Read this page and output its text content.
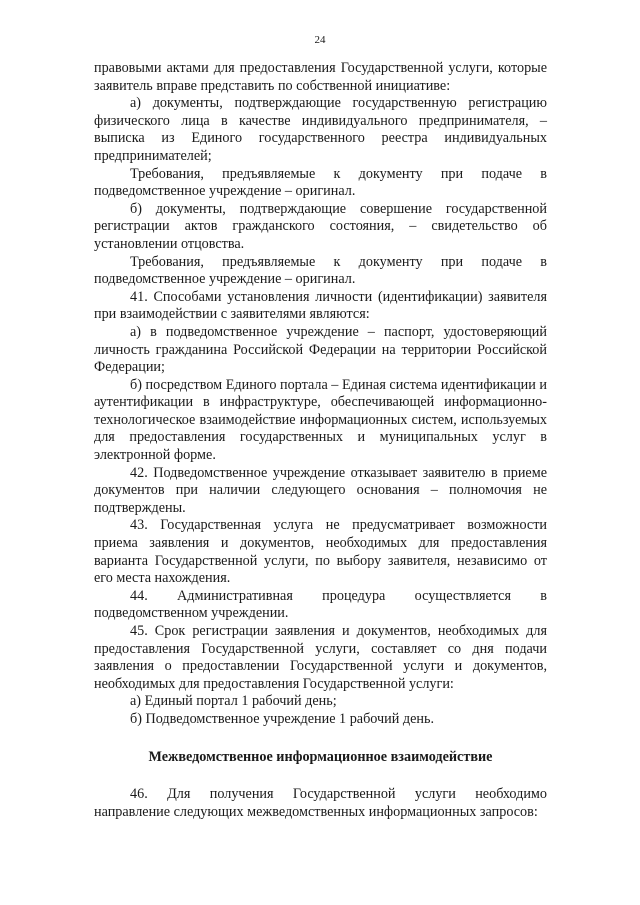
24

правовыми актами для предоставления Государственной услуги, которые заявитель вправе представить по собственной инициативе:

а) документы, подтверждающие государственную регистрацию физического лица в качестве индивидуального предпринимателя, – выписка из Единого государственного реестра индивидуальных предпринимателей;

Требования, предъявляемые к документу при подаче в подведомственное учреждение – оригинал.

б) документы, подтверждающие совершение государственной регистрации актов гражданского состояния, – свидетельство об установлении отцовства.

Требования, предъявляемые к документу при подаче в подведомственное учреждение – оригинал.

41. Способами установления личности (идентификации) заявителя при взаимодействии с заявителями являются:

а) в подведомственное учреждение – паспорт, удостоверяющий личность гражданина Российской Федерации на территории Российской Федерации;

б) посредством Единого портала – Единая система идентификации и аутентификации в инфраструктуре, обеспечивающей информационно-технологическое взаимодействие информационных систем, используемых для предоставления государственных и муниципальных услуг в электронной форме.

42. Подведомственное учреждение отказывает заявителю в приеме документов при наличии следующего основания – полномочия не подтверждены.

43. Государственная услуга не предусматривает возможности приема заявления и документов, необходимых для предоставления варианта Государственной услуги, по выбору заявителя, независимо от его места нахождения.

44. Административная процедура осуществляется в подведомственном учреждении.

45. Срок регистрации заявления и документов, необходимых для предоставления Государственной услуги, составляет со дня подачи заявления о предоставлении Государственной услуги и документов, необходимых для предоставления Государственной услуги:

а) Единый портал 1 рабочий день;

б) Подведомственное учреждение 1 рабочий день.

Межведомственное информационное взаимодействие

46. Для получения Государственной услуги необходимо направление следующих межведомственных информационных запросов:
